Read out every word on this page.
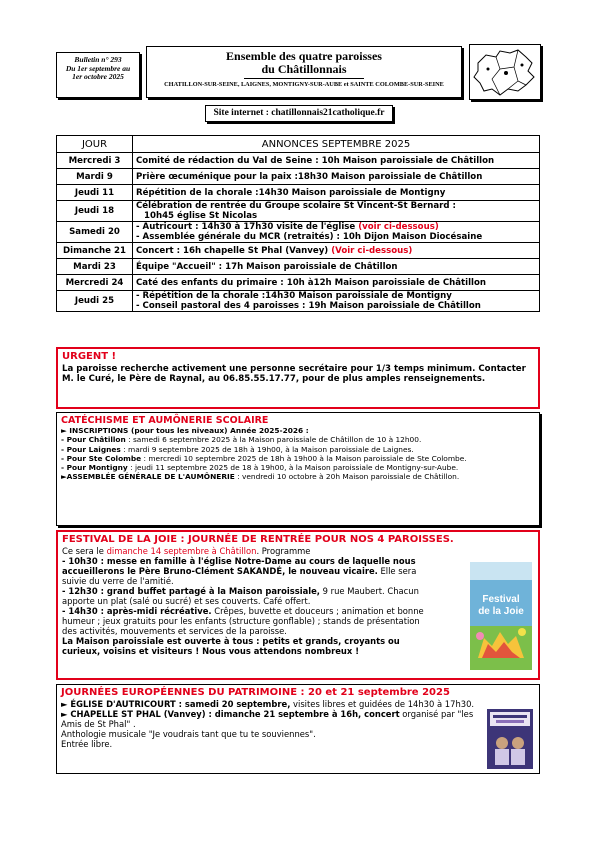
Bulletin n° 293
Du 1er septembre au
1er octobre 2025
Ensemble des quatre paroisses
du Châtillonnais
CHATILLON-SUR-SEINE, LAIGNES, MONTIGNY-SUR-AUBE et SAINTE COLOMBE-SUR-SEINE
Site internet : chatillonnais21catholique.fr
JOUR	ANNONCES SEPTEMBRE 2025
Mercredi 3	Comité de rédaction du Val de Seine : 10h Maison paroissiale de Châtillon
Mardi 9	Prière œcuménique pour la paix :18h30 Maison paroissiale de Châtillon
Jeudi 11	Répétition de la chorale :14h30 Maison paroissiale de Montigny
Jeudi 18	Célébration de rentrée du Groupe scolaire St Vincent-St Bernard :
10h45 église St Nicolas

Samedi 20	- Autricourt : 14h30 à 17h30 visite de l'église (voir ci-dessous)
- Assemblée générale du MCR (retraités) : 10h Dijon Maison Diocésaine

Dimanche 21	Concert : 16h chapelle St Phal (Vanvey) (Voir ci-dessous)
Mardi 23	Équipe "Accueil" : 17h Maison paroissiale de Châtillon
Mercredi 24	Caté des enfants du primaire : 10h à12h Maison paroissiale de Châtillon
Jeudi 25	- Répétition de la chorale :14h30 Maison paroissiale de Montigny
- Conseil pastoral des 4 paroisses : 19h Maison paroissiale de Châtillon
URGENT !
La paroisse recherche activement une personne secrétaire pour 1/3 temps minimum. Contacter M. le Curé, le Père de Raynal, au 06.85.55.17.77, pour de plus amples renseignements.
CATÉCHISME ET AUMÔNERIE SCOLAIRE
► INSCRIPTIONS (pour tous les niveaux) Année 2025-2026 :
- Pour Châtillon : samedi 6 septembre 2025 à la Maison paroissiale de Châtillon de 10 à 12h00.
- Pour Laignes : mardi 9 septembre 2025 de 18h à 19h00, à la Maison paroissiale de Laignes.
- Pour Ste Colombe : mercredi 10 septembre 2025 de 18h à 19h00 à la Maison paroissiale de Ste Colombe.
- Pour Montigny : jeudi 11 septembre 2025 de 18 à 19h00, à la Maison paroissiale de Montigny-sur-Aube.
►ASSEMBLÉE GÉNÉRALE DE L'AUMÔNERIE : vendredi 10 octobre à 20h Maison paroissiale de Châtillon.
FESTIVAL DE LA JOIE : JOURNÉE DE RENTRÉE POUR NOS 4 PAROISSES.
Ce sera le dimanche 14 septembre à Châtillon. Programme
- 10h30 : messe en famille à l'église Notre-Dame au cours de laquelle nous accueillerons le Père Bruno-Clément SAKANDÉ, le nouveau vicaire. Elle sera suivie du verre de l'amitié.
- 12h30 : grand buffet partagé à la Maison paroissiale, 9 rue Maubert. Chacun apporte un plat (salé ou sucré) et ses couverts. Café offert.
- 14h30 : après-midi récréative. Crêpes, buvette et douceurs ; animation et bonne humeur ; jeux gratuits pour les enfants (structure gonflable) ; stands de présentation des activités, mouvements et services de la paroisse.
La Maison paroissiale est ouverte à tous : petits et grands, croyants ou curieux, voisins et visiteurs ! Nous vous attendons nombreux !
Festival
de la Joie
JOURNÉES EUROPÉENNES DU PATRIMOINE : 20 et 21 septembre 2025
► ÉGLISE D'AUTRICOURT : samedi 20 septembre, visites libres et guidées de 14h30 à 17h30.
► CHAPELLE ST PHAL (Vanvey) : dimanche 21 septembre à 16h, concert organisé par "les Amis de St Phal" .
Anthologie musicale "Je voudrais tant que tu te souviennes".
Entrée libre.
